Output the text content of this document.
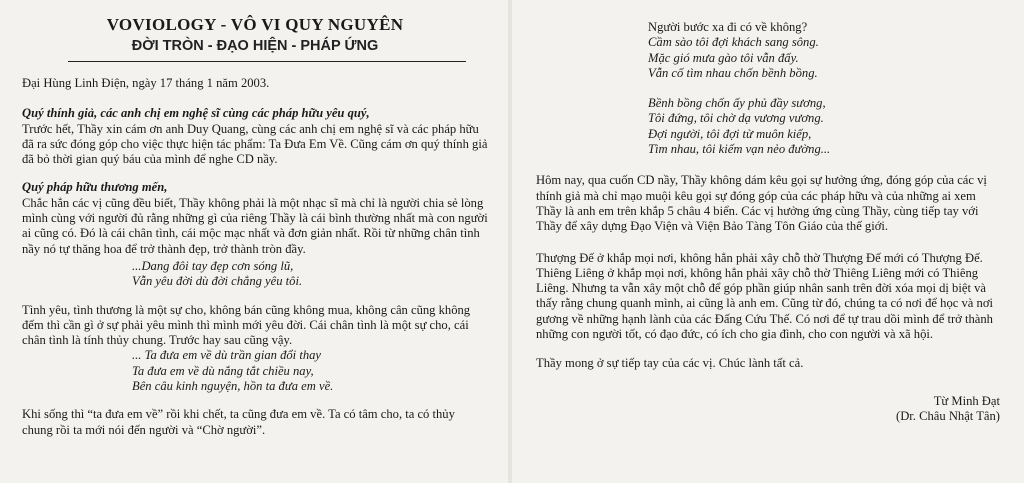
VOVIOLOGY - VÔ VI QUY NGUYÊN
ĐỜI TRÒN - ĐẠO HIỆN - PHÁP ỨNG

Đại Hùng Linh Điện, ngày 17 tháng 1 năm 2003.

Quý thính giả, các anh chị em nghệ sĩ cùng các pháp hữu yêu quý,

Trước hết, Thầy xin cám ơn anh Duy Quang, cùng các anh chị em nghệ sĩ và các pháp hữu đã ra sức đóng góp cho việc thực hiện tác phẩm: Ta Đưa Em Về. Cũng cám ơn quý thính giả đã bỏ thời gian quý báu của mình để nghe CD nầy.

Quý pháp hữu thương mến,

Chắc hẳn các vị cũng đều biết, Thầy không phải là một nhạc sĩ mà chỉ là người chia sẻ lòng mình cùng với người đủ rằng những gì của riêng Thầy là cái bình thường nhất mà con người ai cũng có. Đó là cái chân tình, cái mộc mạc nhất và đơn giản nhất. Rồi từ những chân tình nầy nó tự thăng hoa để trở thành đẹp, trở thành tròn đầy.

...Dang đôi tay đẹp cơn sóng lũ,

Vẫn yêu đời dù đời chẳng yêu tôi.

Tình yêu, tình thương là một sự cho, không bán cũng không mua, không cân cũng không đếm thì cần gì ở sự phải yêu mình thì mình mới yêu đời. Cái chân tình là một sự cho, cái chân tình là tính thủy chung. Trước hay sau cũng vậy.

... Ta đưa em về dù trần gian đổi thay

Ta đưa em về dù nắng tắt chiều nay,

Bên câu kinh nguyện, hồn ta đưa em về.

Khi sống thì “ta đưa em về” rồi khi chết, ta cũng đưa em về. Ta có tâm cho, ta có thủy chung rồi ta mới nói đến người và “Chờ người”.

Người bước xa đi có về không?

Cầm sào tôi đợi khách sang sông.

Mặc gió mưa gào tôi vẫn đấy.

Vẫn cố tìm nhau chốn bềnh bồng.

Bềnh bồng chốn ấy phủ đầy sương,

Tôi đứng, tôi chờ dạ vương vương.

Đợi người, tôi đợi từ muôn kiếp,

Tìm nhau, tôi kiếm vạn nẻo đường...

Hôm nay, qua cuốn CD nầy, Thầy không dám kêu gọi sự hưởng ứng, đóng góp của các vị thính giả mà chỉ mạo muội kêu gọi sự đóng góp của các pháp hữu và của những ai xem Thầy là anh em trên khắp 5 châu 4 biển. Các vị hưởng ứng cùng Thầy, cùng tiếp tay với Thầy để xây dựng Đạo Viện và Viện Bảo Tàng Tôn Giáo của thế giới.

Thượng Đế ở khắp mọi nơi, không hẳn phải xây chỗ thờ Thượng Đế mới có Thượng Đế. Thiêng Liêng ở khắp mọi nơi, không hẳn phải xây chỗ thờ Thiêng Liêng mới có Thiêng Liêng. Nhưng ta vẫn xây một chỗ để góp phần giúp nhân sanh trên đời xóa mọi dị biệt và thấy rằng chung quanh mình, ai cũng là anh em. Cũng từ đó, chúng ta có nơi để học và nơi gương về những hạnh lành của các Đấng Cứu Thế. Có nơi để tự trau dồi mình để trở thành những con người tốt, có đạo đức, có ích cho gia đình, cho con người và xã hội.

Thầy mong ở sự tiếp tay của các vị. Chúc lành tất cả.

Từ Minh Đạt

(Dr. Châu Nhật Tân)
